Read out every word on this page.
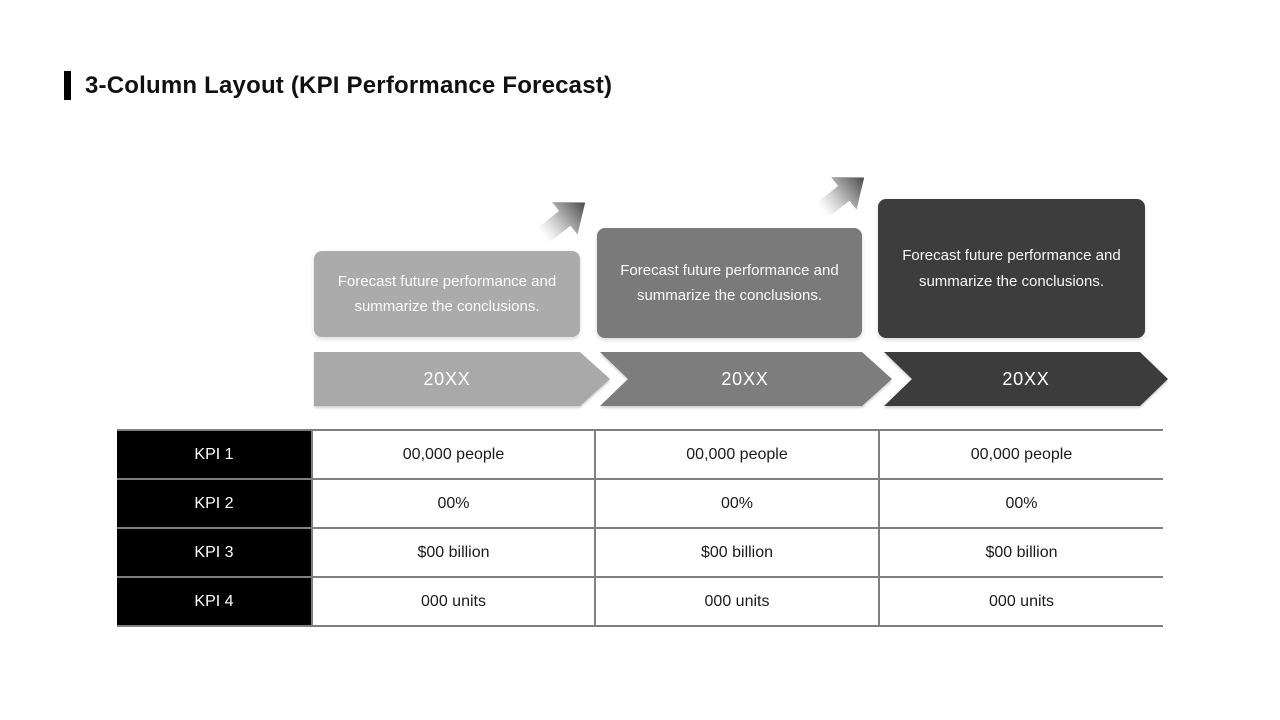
3-Column Layout (KPI Performance Forecast)

Forecast future performance and summarize the conclusions.

Forecast future performance and summarize the conclusions.

Forecast future performance and summarize the conclusions.

20XX	20XX	20XX
KPI 1	00,000 people	00,000 people	00,000 people
KPI 2	00%	00%	00%
KPI 3	$00 billion	$00 billion	$00 billion
KPI 4	000 units	000 units	000 units
